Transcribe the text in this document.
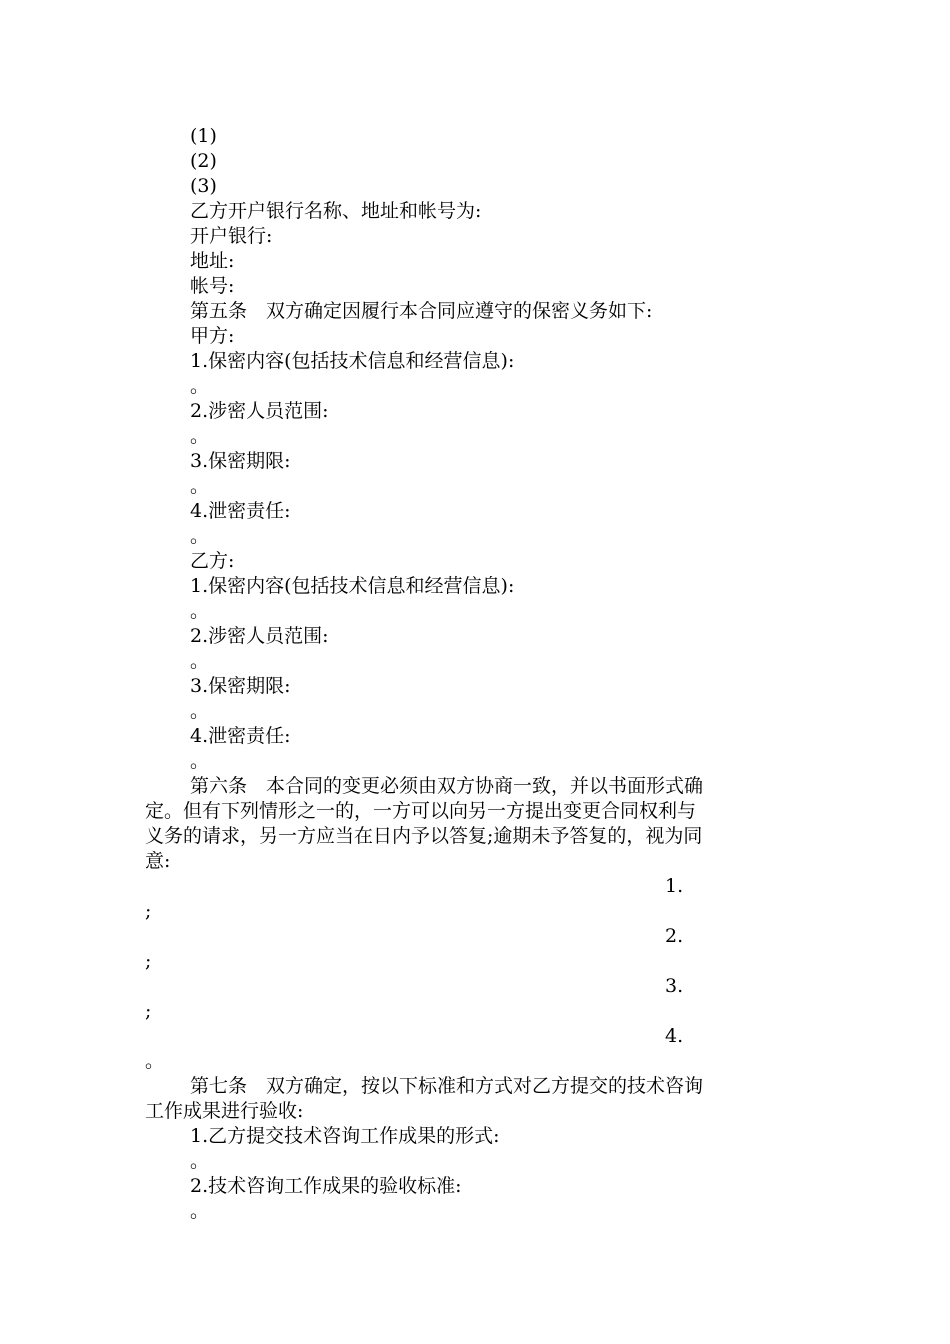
(1)
(2)
(3)
乙方开户银行名称、地址和帐号为:
开户银行:
地址:
帐号:
第五条　双方确定因履行本合同应遵守的保密义务如下:
甲方:
1.保密内容(包括技术信息和经营信息):
。
2.涉密人员范围:
。
3.保密期限:
。
4.泄密责任:
。
乙方:
1.保密内容(包括技术信息和经营信息):
。
2.涉密人员范围:
。
3.保密期限:
。
4.泄密责任:
。
第六条　本合同的变更必须由双方协商一致，并以书面形式确
定。但有下列情形之一的，一方可以向另一方提出变更合同权利与
义务的请求，另一方应当在日内予以答复;逾期未予答复的，视为同
意:
1.
;
2.
;
3.
;
4.
。
第七条　双方确定，按以下标准和方式对乙方提交的技术咨询
工作成果进行验收:
1.乙方提交技术咨询工作成果的形式:
。
2.技术咨询工作成果的验收标准:
。
